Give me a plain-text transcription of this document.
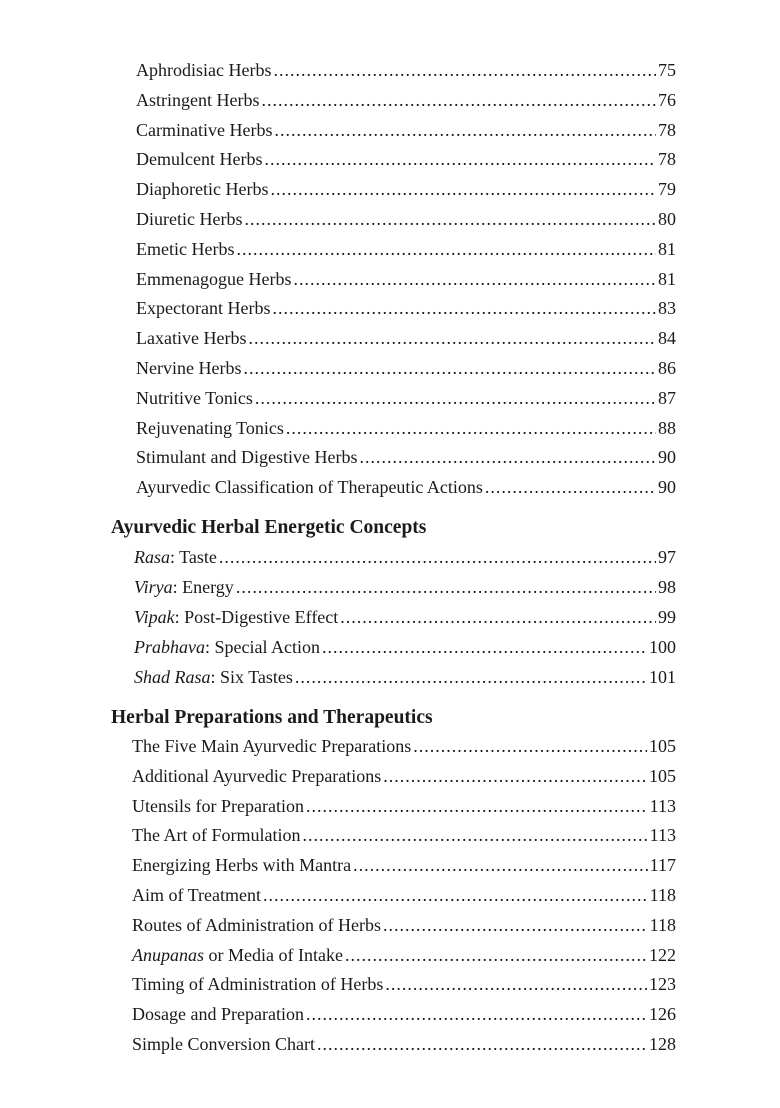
Aphrodisiac Herbs .....	75
Astringent Herbs .....	76
Carminative Herbs .....	78
Demulcent Herbs .....	78
Diaphoretic Herbs .....	79
Diuretic Herbs .....	80
Emetic Herbs .....	81
Emmenagogue Herbs .....	81
Expectorant Herbs .....	83
Laxative Herbs .....	84
Nervine Herbs .....	86
Nutritive Tonics .....	87
Rejuvenating Tonics .....	88
Stimulant and Digestive Herbs .....	90
Ayurvedic Classification of Therapeutic Actions .....	90
Ayurvedic Herbal Energetic Concepts
Rasa: Taste .....	97
Virya: Energy .....	98
Vipak: Post-Digestive Effect .....	99
Prabhava: Special Action .....	100
Shad Rasa: Six Tastes .....	101
Herbal Preparations and Therapeutics
The Five Main Ayurvedic Preparations .....	105
Additional Ayurvedic Preparations .....	105
Utensils for Preparation .....	113
The Art of Formulation .....	113
Energizing Herbs with Mantra .....	117
Aim of Treatment .....	118
Routes of Administration of Herbs .....	118
Anupanas or Media of Intake .....	122
Timing of Administration of Herbs .....	123
Dosage and Preparation .....	126
Simple Conversion Chart .....	128
